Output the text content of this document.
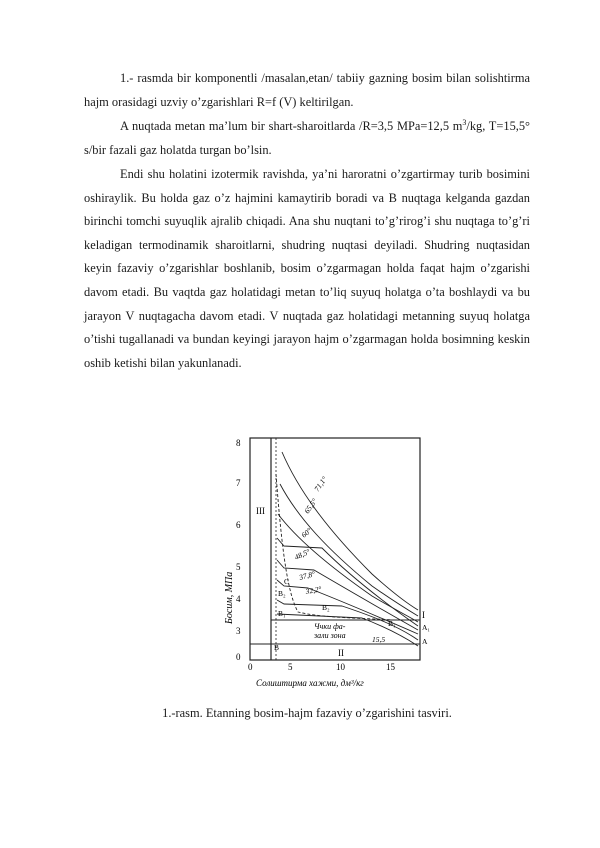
1.- rasmda bir komponentli /masalan,etan/ tabiiy gazning bosim bilan solishtirma hajm orasidagi uzviy o’zgarishlari R=f (V) keltirilgan.

A nuqtada metan ma’lum bir shart-sharoitlarda /R=3,5 MPa=12,5 $m^3/kg$, T=15,5° s/bir fazali gaz holatda turgan bo’lsin.

Endi shu holatini izotermik ravishda, ya’ni haroratni o’zgartirmay turib bosimini oshiraylik. Bu holda gaz o’z hajmini kamaytirib boradi va B nuqtaga kelganda gazdan birinchi tomchi suyuqlik ajralib chiqadi. Ana shu nuqtani to’g’rirog’i shu nuqtaga to’g’ri keladigan termodinamik sharoitlarni, shudring nuqtasi deyiladi. Shudring nuqtasidan keyin fazaviy o’zgarishlar boshlanib, bosim o’zgarmagan holda faqat hajm o’zgarishi davom etadi. Bu vaqtda gaz holatidagi metan to’liq suyuq holatga o’ta boshlaydi va bu jarayon V nuqtagacha davom etadi. V nuqtada gaz holatidagi metanning suyuq holatga o’tishi tugallanadi va bundan keyingi jarayon hajm o’zgarmagan holda bosimning keskin oshib ketishi bilan yakunlanadi.

8
7
6
5
4
3
0
Бoсuм, МПа
0	5	10	15
Солиштирма хажми, дм³/кг
71,1°
65,5°
60°
48,5°
37,8°
32,2°
15,5
Ччкu фа-
залu зона
III
II
I
C
B₂
B₁
A₁
A
B
B₂
B₁

1.-rasm. Etanning bosim-hajm fazaviy o’zgarishini tasviri.
